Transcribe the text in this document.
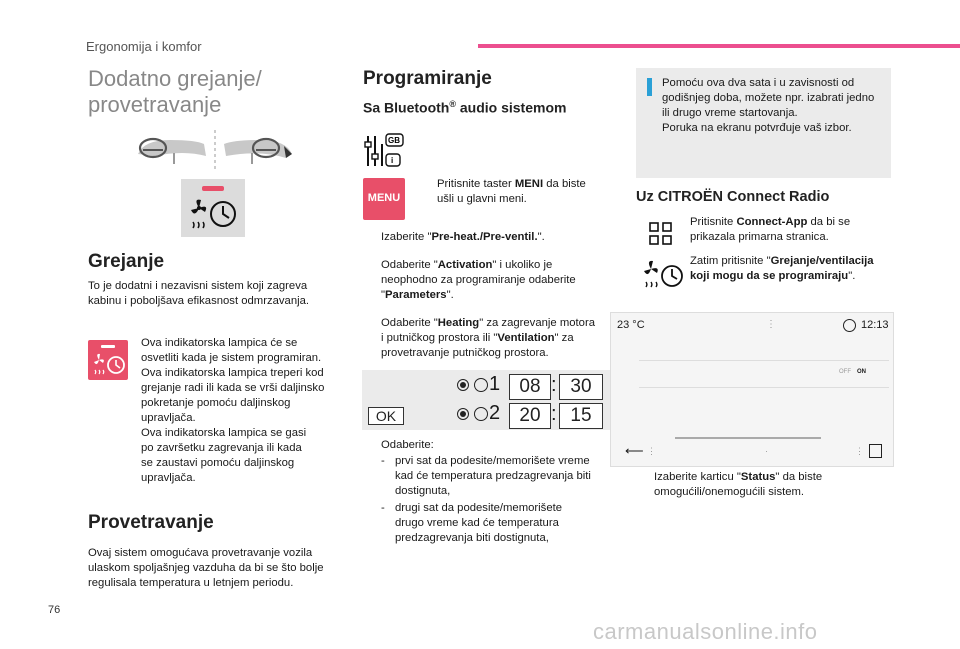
Ergonomija i komfor
Dodatno grejanje/
provetravanje
Grejanje
To je dodatni i nezavisni sistem koji zagreva
kabinu i poboljšava efikasnost odmrzavanja.
Ova indikatorska lampica će se
osvetliti kada je sistem programiran.
Ova indikatorska lampica treperi kod
grejanje radi ili kada se vrši daljinsko
pokretanje pomoću daljinskog
upravljača.
Ova indikatorska lampica se gasi
po završetku zagrevanja ili kada
se zaustavi pomoću daljinskog
upravljača.
Provetravanje
Ovaj sistem omogućava provetravanje vozila
ulaskom spoljašnjeg vazduha da bi se što bolje
regulisala temperatura u letnjem periodu.
Programiranje
Sa Bluetooth® audio sistemom
GB
i
MENU
Pritisnite taster MENI da biste
ušli u glavni meni.
Izaberite "Pre-heat./Pre-ventil.".
Odaberite "Activation" i ukoliko je
neophodno za programiranje odaberite
"Parameters".
Odaberite "Heating" za zagrevanje motora
i putničkog prostora ili "Ventilation" za
provetravanje putničkog prostora.
OK
1	08 : 30
2	20 : 15
Odaberite:
- prvi sat da podesite/memorišete vreme
kad će temperatura predzagrevanja biti
dostignuta,
- drugi sat da podesite/memorišete
drugo vreme kad će temperatura
predzagrevanja biti dostignuta,
Pomoću ova dva sata i u zavisnosti od
godišnjeg doba, možete npr. izabrati jedno
ili drugo vreme startovanja.
Poruka na ekranu potvrđuje vaš izbor.
Uz CITROËN Connect Radio
Pritisnite Connect-App da bi se
prikazala primarna stranica.
Zatim pritisnite "Grejanje/ventilacija
koji mogu da se programiraju".
23 °C	⋮	12:13
OFF ON
⟵ ⋮	·	⋮
Izaberite karticu "Status" da biste
omogućili/onemogućili sistem.
76
carmanualsonline.info
